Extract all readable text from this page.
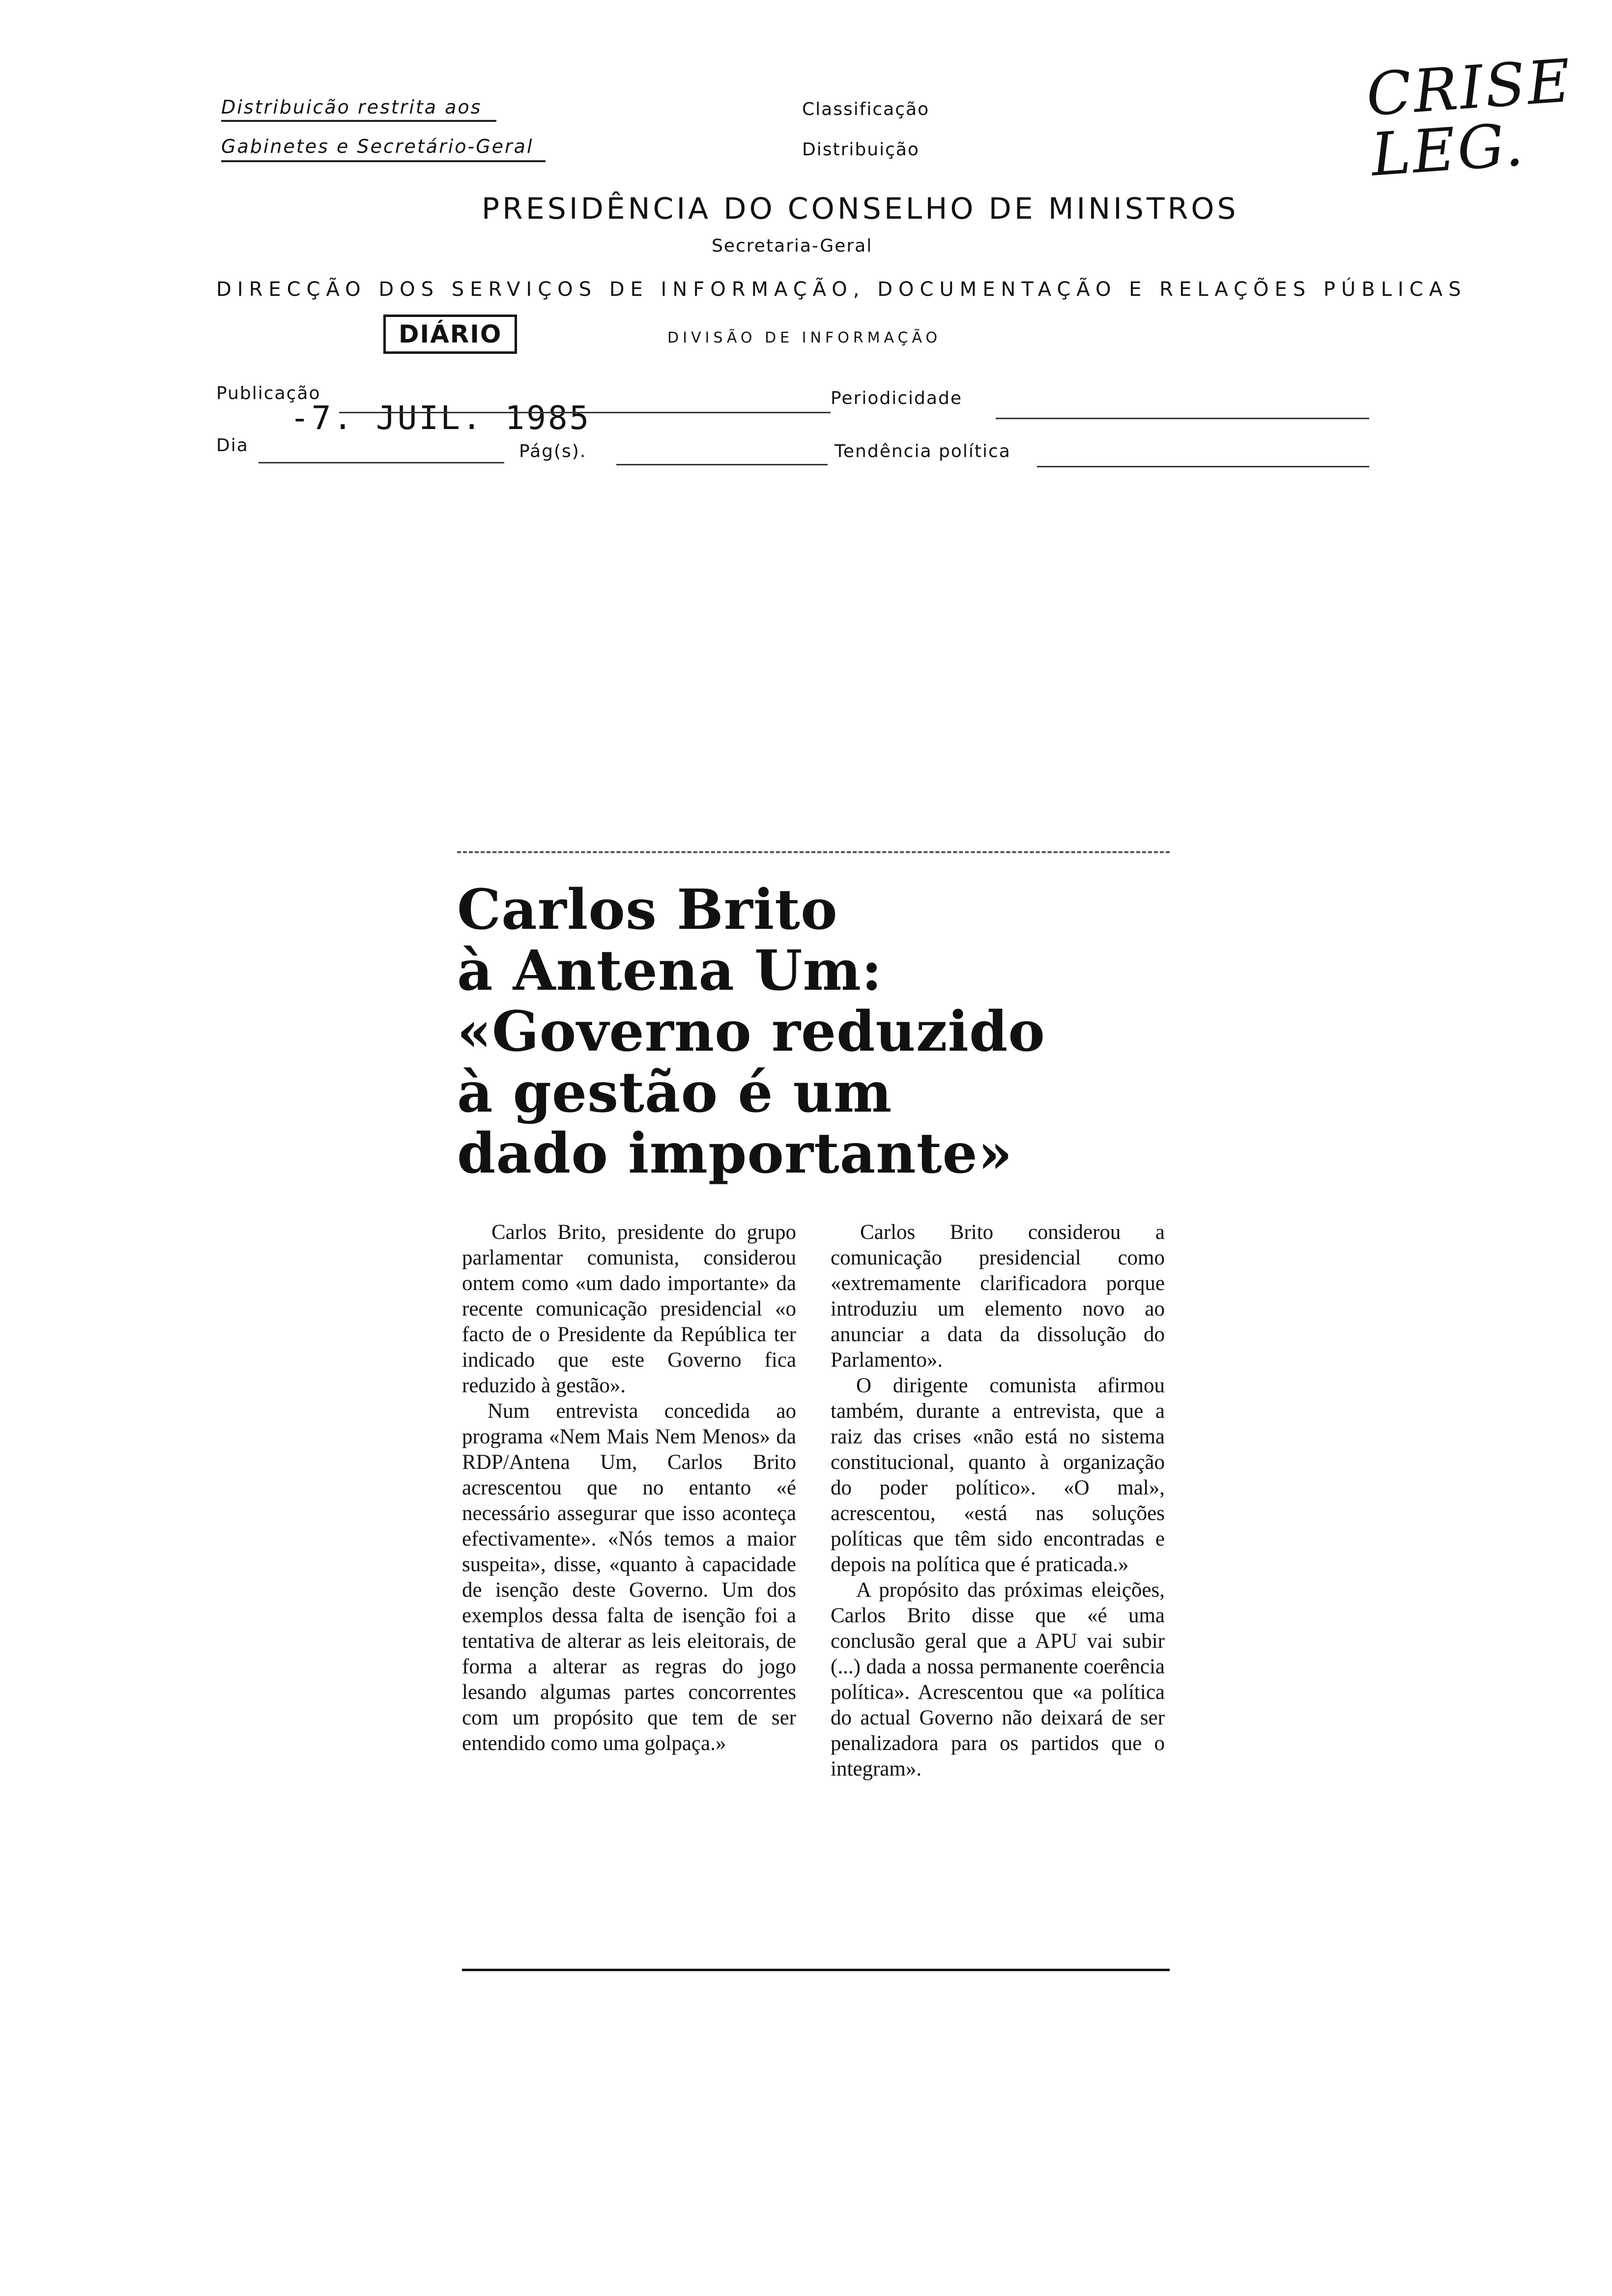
Distribuicão restrita aos
Gabinetes e Secretário-Geral
Classificação
Distribuição
CRISE
LEG.
PRESIDÊNCIA DO CONSELHO DE MINISTROS
Secretaria-Geral
DIRECÇÃO DOS SERVIÇOS DE INFORMAÇÃO, DOCUMENTAÇÃO E RELAÇÕES PÚBLICAS
DIÁRIO	DIVISÃO DE INFORMAÇÃO
Publicação
-7. JUIL. 1985
Periodicidade
Dia	Pág(s).	Tendência política
Carlos Brito
à Antena Um:
«Governo reduzido
à gestão é um
dado importante»

Carlos Brito, presidente do grupo parlamentar comunista, considerou ontem como «um dado importante» da recente comunicação presidencial «o facto de o Presidente da República ter indicado que este Governo fica reduzido à gestão».

Num entrevista concedida ao programa «Nem Mais Nem Menos» da RDP/Antena Um, Carlos Brito acrescentou que no entanto «é necessário assegurar que isso aconteça efectivamente». «Nós temos a maior suspeita», disse, «quanto à capacidade de isenção deste Governo. Um dos exemplos dessa falta de isenção foi a tentativa de alterar as leis eleitorais, de forma a alterar as regras do jogo lesando algumas partes concorrentes com um propósito que tem de ser entendido como uma golpaça.»

Carlos Brito considerou a comunicação presidencial como «extremamente clarificadora porque introduziu um elemento novo ao anunciar a data da dissolução do Parlamento».

O dirigente comunista afirmou também, durante a entrevista, que a raiz das crises «não está no sistema constitucional, quanto à organização do poder político». «O mal», acrescentou, «está nas soluções políticas que têm sido encontradas e depois na política que é praticada.»

A propósito das próximas eleições, Carlos Brito disse que «é uma conclusão geral que a APU vai subir (...) dada a nossa permanente coerência política». Acrescentou que «a política do actual Governo não deixará de ser penalizadora para os partidos que o integram».
